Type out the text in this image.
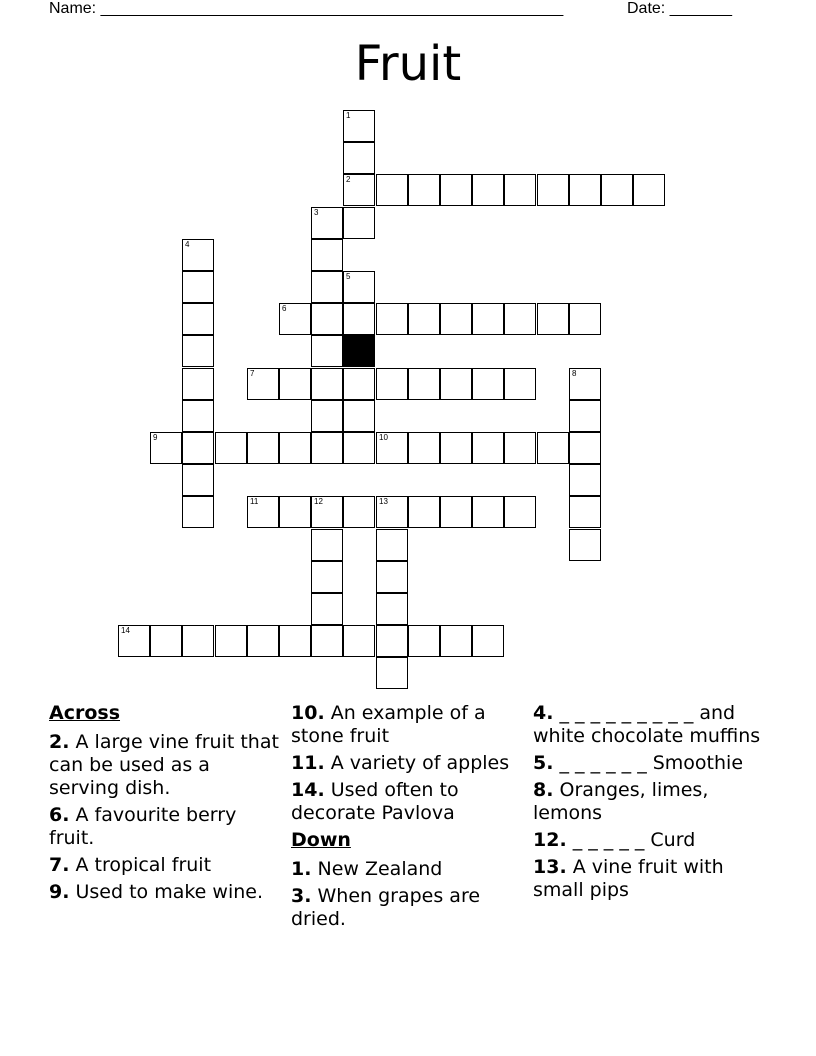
Name: ____________________________________________________	Date: _______
Fruit
1
2
3
4
5
6
7	8
9	10
11	12	13
14
Across
2. A large vine fruit that can be used as a serving dish.
6. A favourite berry fruit.
7. A tropical fruit
9. Used to make wine.
10. An example of a stone fruit
11. A variety of apples
14. Used often to decorate Pavlova
Down
1. New Zealand
3. When grapes are dried.
4. _ _ _ _ _ _ _ _ _ and white chocolate muffins
5. _ _ _ _ _ _ Smoothie
8. Oranges, limes, lemons
12. _ _ _ _ _ Curd
13. A vine fruit with small pips
